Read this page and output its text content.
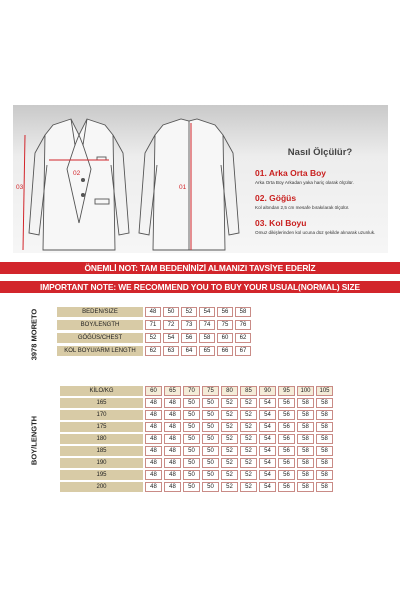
03
02
01
Nasıl Ölçülür?
01. Arka Orta Boy
Arka Orta Boy Arkadan yaka hariç olarak ölçülür.
02. Göğüs
Kol altından 2,5 cm mesafe bırakılarak ölçülür.
03. Kol Boyu
Omuz dikişlerinden kol ucuna düz şekilde alınarak uzunluk.
ÖNEMLİ NOT: TAM BEDENİNİZİ ALMANIZI TAVSİYE EDERİZ
IMPORTANT NOTE: WE RECOMMEND YOU TO BUY YOUR USUAL(NORMAL) SIZE
3978 MORETO	BEDEN/SIZE	48	50	52	54	56	58
BOY/LENGTH	71	72	73	74	75	76
GÖĞÜS/CHEST	52	54	56	58	60	62
KOL BOYU/ARM LENGTH	62	63	64	65	66	67
BOY/LENGTH
KİLO/KG	60	65	70	75	80	85	90	95	100	105
165	48	48	50	50	52	52	54	56	58	58
170	48	48	50	50	52	52	54	56	58	58
175	48	48	50	50	52	52	54	56	58	58
180	48	48	50	50	52	52	54	56	58	58
185	48	48	50	50	52	52	54	56	58	58
190	48	48	50	50	52	52	54	56	58	58
195	48	48	50	50	52	52	54	56	58	58
200	48	48	50	50	52	52	54	56	58	58
